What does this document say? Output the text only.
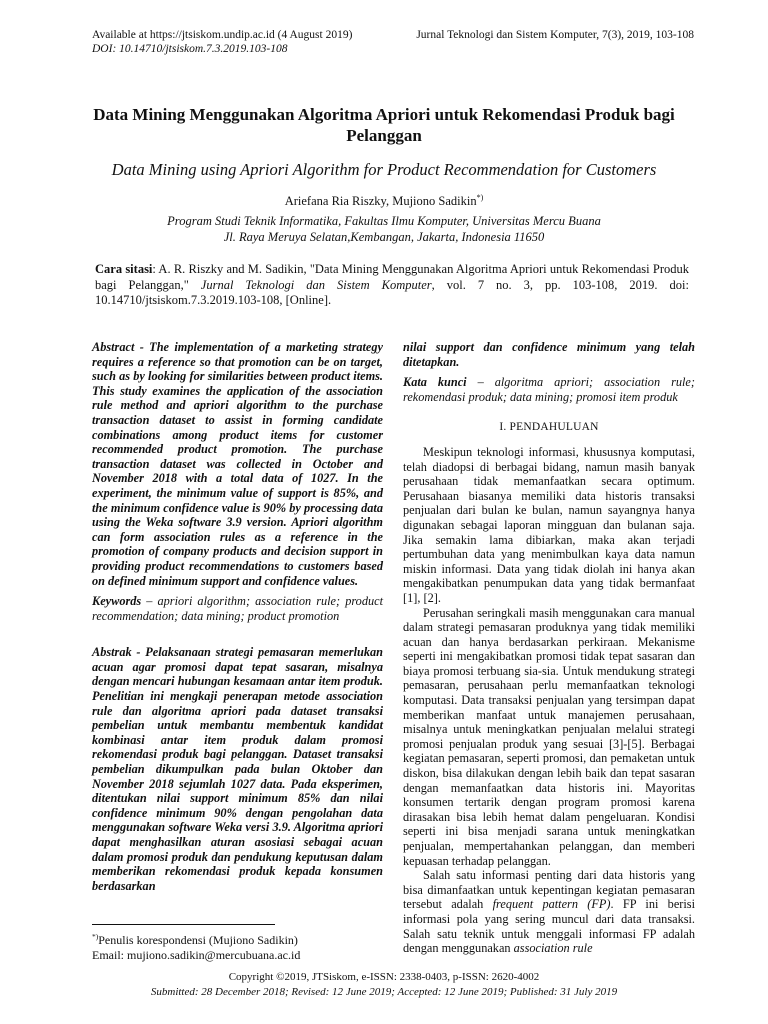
Available at https://jtsiskom.undip.ac.id (4 August 2019)
DOI: 10.14710/jtsiskom.7.3.2019.103-108
Jurnal Teknologi dan Sistem Komputer, 7(3), 2019, 103-108
Data Mining Menggunakan Algoritma Apriori untuk Rekomendasi Produk bagi Pelanggan
Data Mining using Apriori Algorithm for Product Recommendation for Customers
Ariefana Ria Riszky, Mujiono Sadikin*)
Program Studi Teknik Informatika, Fakultas Ilmu Komputer, Universitas Mercu Buana
Jl. Raya Meruya Selatan,Kembangan, Jakarta, Indonesia 11650
Cara sitasi: A. R. Riszky and M. Sadikin, "Data Mining Menggunakan Algoritma Apriori untuk Rekomendasi Produk bagi Pelanggan," Jurnal Teknologi dan Sistem Komputer, vol. 7 no. 3, pp. 103-108, 2019. doi: 10.14710/jtsiskom.7.3.2019.103-108, [Online].
Abstract - The implementation of a marketing strategy requires a reference so that promotion can be on target, such as by looking for similarities between product items. This study examines the application of the association rule method and apriori algorithm to the purchase transaction dataset to assist in forming candidate combinations among product items for customer recommended product promotion. The purchase transaction dataset was collected in October and November 2018 with a total data of 1027. In the experiment, the minimum value of support is 85%, and the minimum confidence value is 90% by processing data using the Weka software 3.9 version. Apriori algorithm can form association rules as a reference in the promotion of company products and decision support in providing product recommendations to customers based on defined minimum support and confidence values.
Keywords – apriori algorithm; association rule; product recommendation; data mining; product promotion
Abstrak - Pelaksanaan strategi pemasaran memerlukan acuan agar promosi dapat tepat sasaran, misalnya dengan mencari hubungan kesamaan antar item produk. Penelitian ini mengkaji penerapan metode association rule dan algoritma apriori pada dataset transaksi pembelian untuk membantu membentuk kandidat kombinasi antar item produk dalam promosi rekomendasi produk bagi pelanggan. Dataset transaksi pembelian dikumpulkan pada bulan Oktober dan November 2018 sejumlah 1027 data. Pada eksperimen, ditentukan nilai support minimum 85% dan nilai confidence minimum 90% dengan pengolahan data menggunakan software Weka versi 3.9. Algoritma apriori dapat menghasilkan aturan asosiasi sebagai acuan dalam promosi produk dan pendukung keputusan dalam memberikan rekomendasi produk kepada konsumen berdasarkan
nilai support dan confidence minimum yang telah ditetapkan.
Kata kunci – algoritma apriori; association rule; rekomendasi produk; data mining; promosi item produk
I. PENDAHULUAN

Meskipun teknologi informasi, khususnya komputasi, telah diadopsi di berbagai bidang, namun masih banyak perusahaan tidak memanfaatkan secara optimum. Perusahaan biasanya memiliki data historis transaksi penjualan dari bulan ke bulan, namun sayangnya hanya digunakan sebagai laporan mingguan dan bulanan saja. Jika semakin lama dibiarkan, maka akan terjadi pertumbuhan data yang menimbulkan kaya data namun miskin informasi. Data yang tidak diolah ini hanya akan mengakibatkan penumpukan data yang tidak bermanfaat [1], [2].

Perusahan seringkali masih menggunakan cara manual dalam strategi pemasaran produknya yang tidak memiliki acuan dan hanya berdasarkan perkiraan. Mekanisme seperti ini mengakibatkan promosi tidak tepat sasaran dan biaya promosi terbuang sia-sia. Untuk mendukung strategi pemasaran, perusahaan perlu memanfaatkan teknologi komputasi. Data transaksi penjualan yang tersimpan dapat memberikan manfaat untuk manajemen perusahaan, misalnya untuk meningkatkan penjualan melalui strategi promosi penjualan produk yang sesuai [3]-[5]. Berbagai kegiatan pemasaran, seperti promosi, dan pemaketan untuk diskon, bisa dilakukan dengan lebih baik dan tepat sasaran dengan memanfaatkan data historis ini. Mayoritas konsumen tertarik dengan program promosi karena dirasakan bisa lebih hemat dalam pengeluaran. Kondisi seperti ini bisa menjadi sarana untuk meningkatkan penjualan, mempertahankan pelanggan, dan memberi kepuasan terhadap pelanggan.

Salah satu informasi penting dari data historis yang bisa dimanfaatkan untuk kepentingan kegiatan pemasaran tersebut adalah frequent pattern (FP). FP ini berisi informasi pola yang sering muncul dari data transaksi. Salah satu teknik untuk menggali informasi FP adalah dengan menggunakan association rule

*)Penulis korespondensi (Mujiono Sadikin)
Email: mujiono.sadikin@mercubuana.ac.id
Copyright ©2019, JTSiskom, e-ISSN: 2338-0403, p-ISSN: 2620-4002
Submitted: 28 December 2018; Revised: 12 June 2019; Accepted: 12 June 2019; Published: 31 July 2019
